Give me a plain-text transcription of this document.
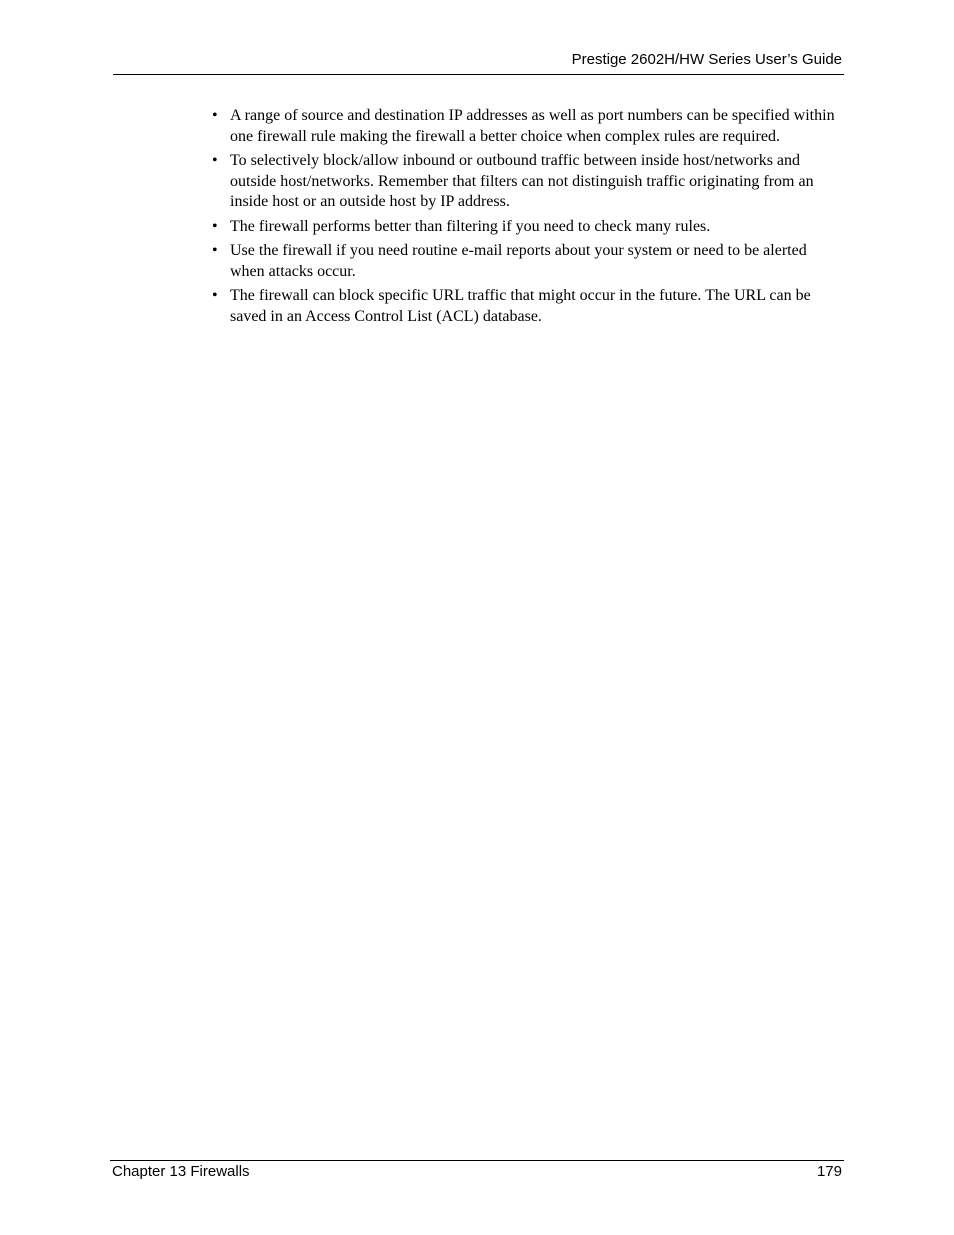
Prestige 2602H/HW Series User’s Guide
• A range of source and destination IP addresses as well as port numbers can be specified within one firewall rule making the firewall a better choice when complex rules are required.
• To selectively block/allow inbound or outbound traffic between inside host/networks and outside host/networks. Remember that filters can not distinguish traffic originating from an inside host or an outside host by IP address.
• The firewall performs better than filtering if you need to check many rules.
• Use the firewall if you need routine e-mail reports about your system or need to be alerted when attacks occur.
• The firewall can block specific URL traffic that might occur in the future. The URL can be saved in an Access Control List (ACL) database.
Chapter 13 Firewalls	179
